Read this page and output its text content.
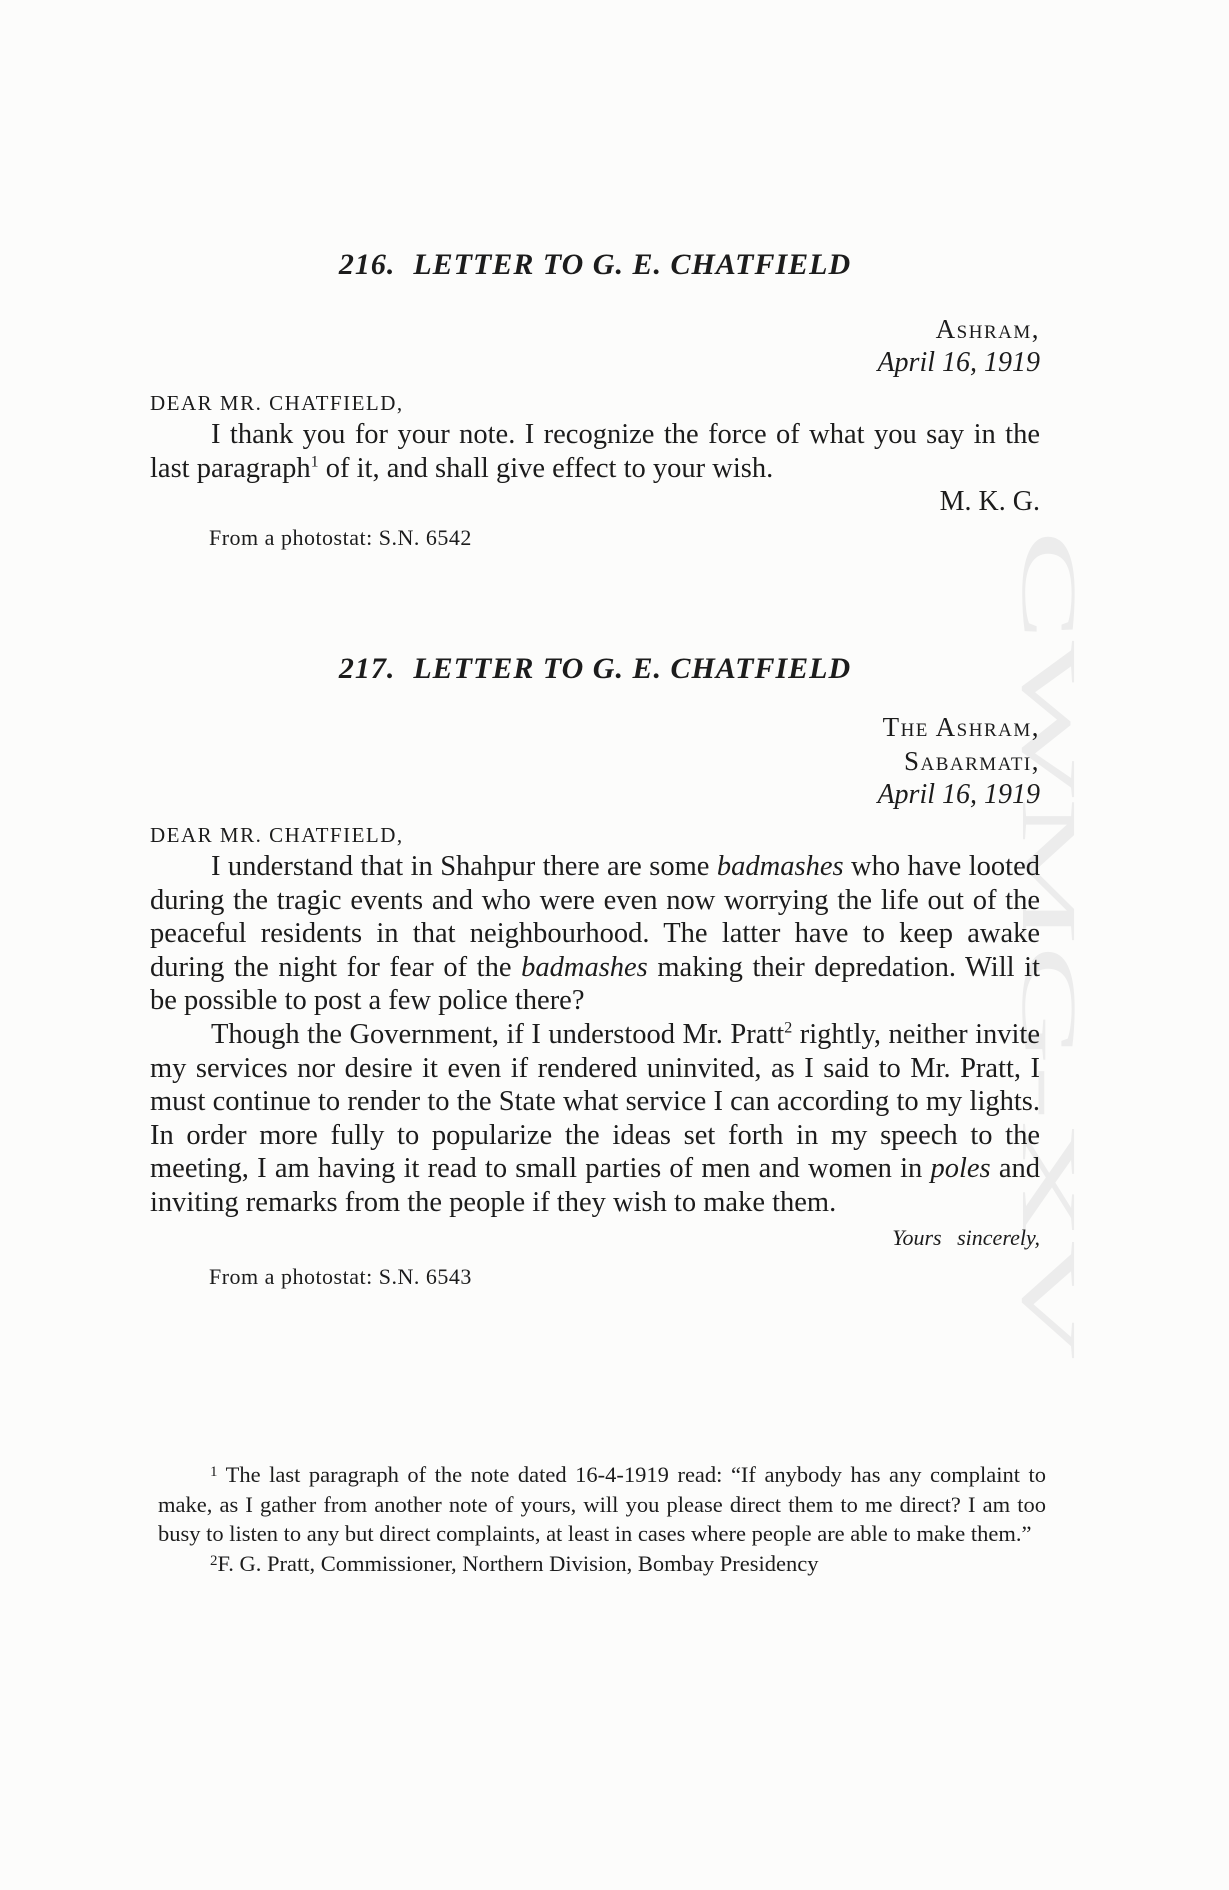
CWMG-XV
216. LETTER TO G. E. CHATFIELD

Ashram,

April 16, 1919

DEAR MR. CHATFIELD,

I thank you for your note. I recognize the force of what you say in the last paragraph$^1$ of it, and shall give effect to your wish.

M. K. G.

From a photostat: S.N. 6542

217. LETTER TO G. E. CHATFIELD

The Ashram,

Sabarmati,

April 16, 1919

DEAR MR. CHATFIELD,

I understand that in Shahpur there are some badmashes who have looted during the tragic events and who were even now worrying the life out of the peaceful residents in that neighbourhood. The latter have to keep awake during the night for fear of the badmashes making their depredation. Will it be possible to post a few police there?

Though the Government, if I understood Mr. Pratt$^2$ rightly, neither invite my services nor desire it even if rendered uninvited, as I said to Mr. Pratt, I must continue to render to the State what service I can according to my lights. In order more fully to popularize the ideas set forth in my speech to the meeting, I am having it read to small parties of men and women in poles and inviting remarks from the people if they wish to make them.

Yours sincerely,

From a photostat: S.N. 6543

$^1$ The last paragraph of the note dated 16-4-1919 read: “If anybody has any complaint to make, as I gather from another note of yours, will you please direct them to me direct? I am too busy to listen to any but direct complaints, at least in cases where people are able to make them.”

$^2$F. G. Pratt, Commissioner, Northern Division, Bombay Presidency
